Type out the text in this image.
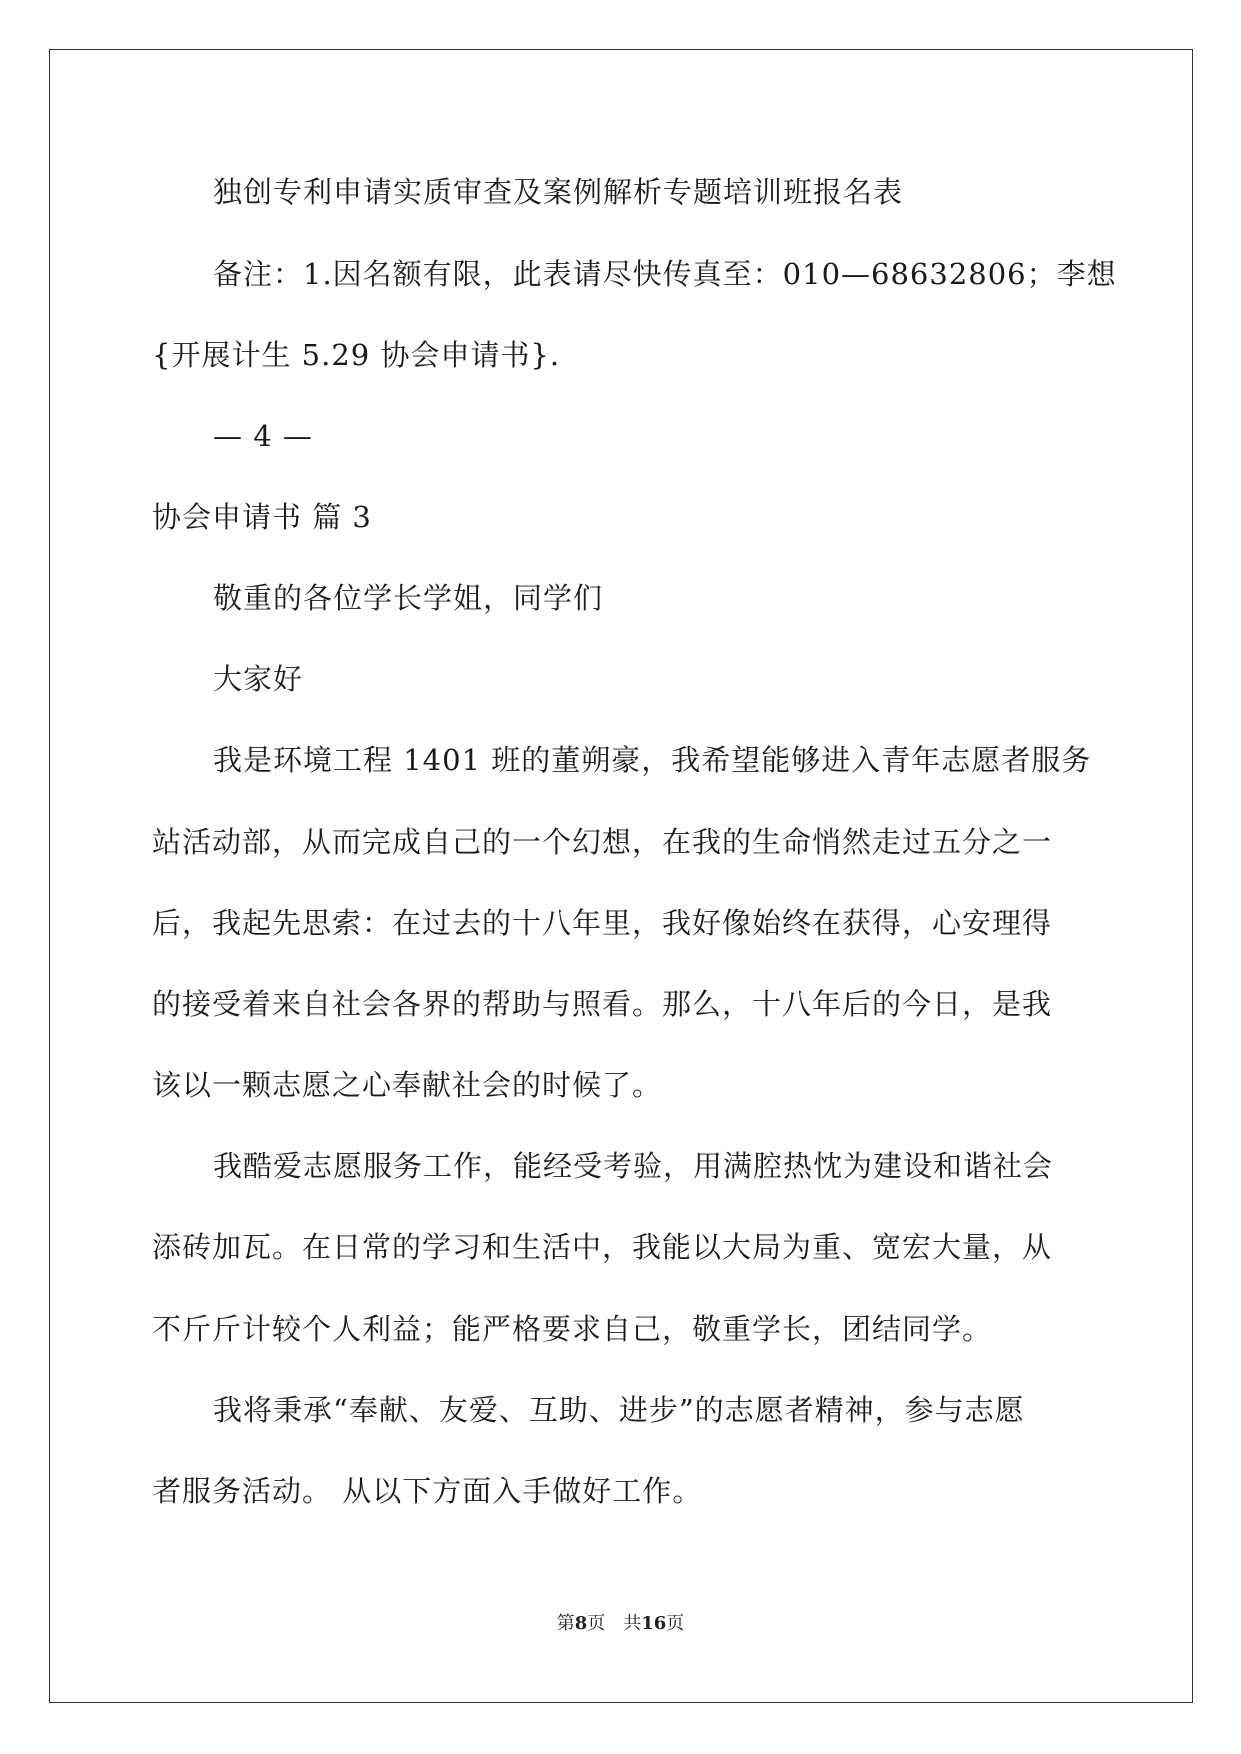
独创专利申请实质审查及案例解析专题培训班报名表
备注：1.因名额有限，此表请尽快传真至：010—68632806；李想
{开展计生 5.29 协会申请书}.
— 4 —
协会申请书 篇 3
敬重的各位学长学姐，同学们
大家好
我是环境工程 1401 班的董朔豪，我希望能够进入青年志愿者服务
站活动部，从而完成自己的一个幻想，在我的生命悄然走过五分之一
后，我起先思索：在过去的十八年里，我好像始终在获得，心安理得
的接受着来自社会各界的帮助与照看。那么，十八年后的今日，是我
该以一颗志愿之心奉献社会的时候了。
我酷爱志愿服务工作，能经受考验，用满腔热忱为建设和谐社会
添砖加瓦。在日常的学习和生活中，我能以大局为重、宽宏大量，从
不斤斤计较个人利益；能严格要求自己，敬重学长，团结同学。
我将秉承“奉献、友爱、互助、进步”的志愿者精神，参与志愿
者服务活动。 从以下方面入手做好工作。
第8页　共16页
